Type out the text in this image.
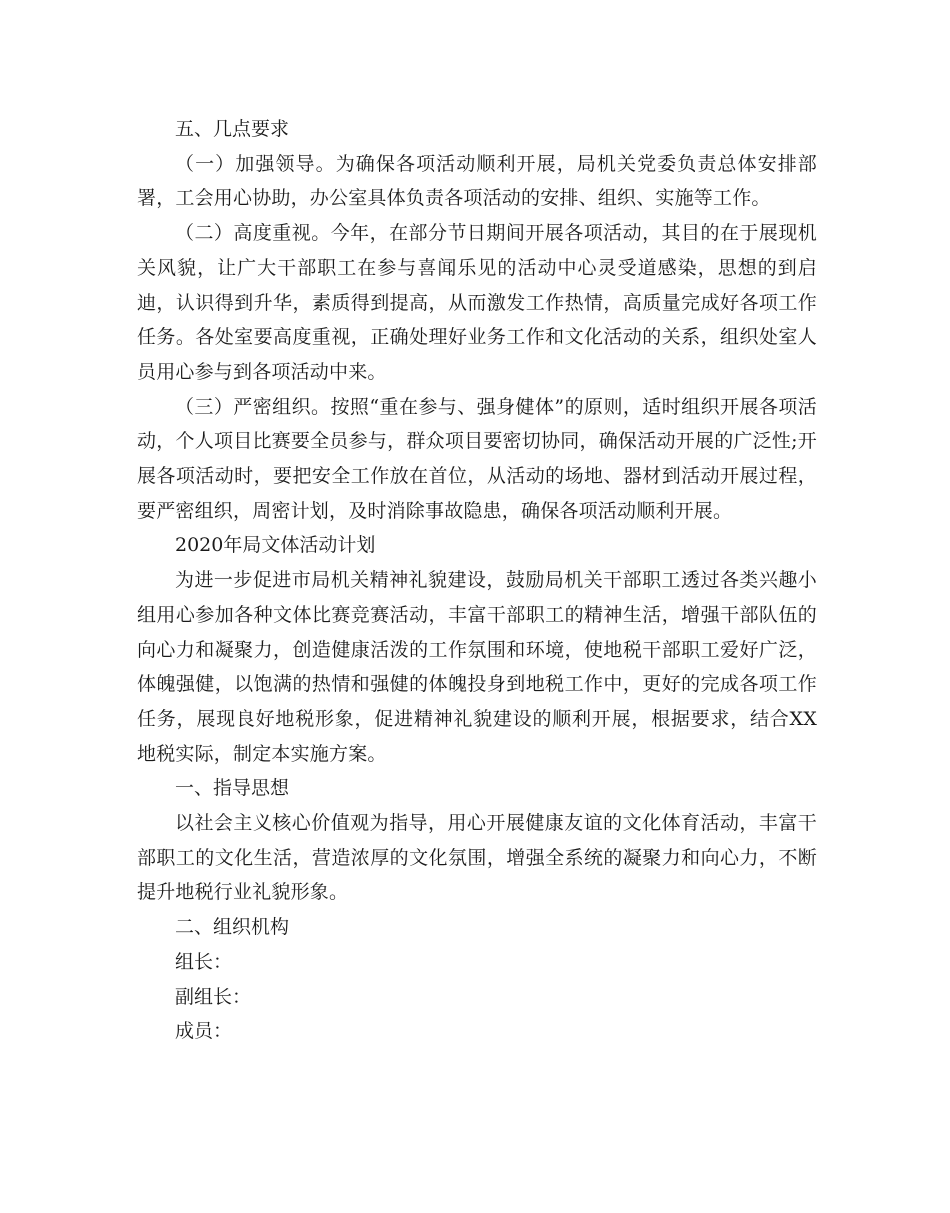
五、几点要求

（一）加强领导。为确保各项活动顺利开展，局机关党委负责总体安排部署，工会用心协助，办公室具体负责各项活动的安排、组织、实施等工作。

（二）高度重视。今年，在部分节日期间开展各项活动，其目的在于展现机关风貌，让广大干部职工在参与喜闻乐见的活动中心灵受道感染，思想的到启迪，认识得到升华，素质得到提高，从而激发工作热情，高质量完成好各项工作任务。各处室要高度重视，正确处理好业务工作和文化活动的关系，组织处室人员用心参与到各项活动中来。

（三）严密组织。按照“重在参与、强身健体”的原则，适时组织开展各项活动，个人项目比赛要全员参与，群众项目要密切协同，确保活动开展的广泛性;开展各项活动时，要把安全工作放在首位，从活动的场地、器材到活动开展过程，要严密组织，周密计划，及时消除事故隐患，确保各项活动顺利开展。

2020年局文体活动计划

为进一步促进市局机关精神礼貌建设，鼓励局机关干部职工透过各类兴趣小组用心参加各种文体比赛竞赛活动，丰富干部职工的精神生活，增强干部队伍的向心力和凝聚力，创造健康活泼的工作氛围和环境，使地税干部职工爱好广泛，体魄强健，以饱满的热情和强健的体魄投身到地税工作中，更好的完成各项工作任务，展现良好地税形象，促进精神礼貌建设的顺利开展，根据要求，结合XX地税实际，制定本实施方案。

一、指导思想

以社会主义核心价值观为指导，用心开展健康友谊的文化体育活动，丰富干部职工的文化生活，营造浓厚的文化氛围，增强全系统的凝聚力和向心力，不断提升地税行业礼貌形象。

二、组织机构

组长：

副组长：

成员：
